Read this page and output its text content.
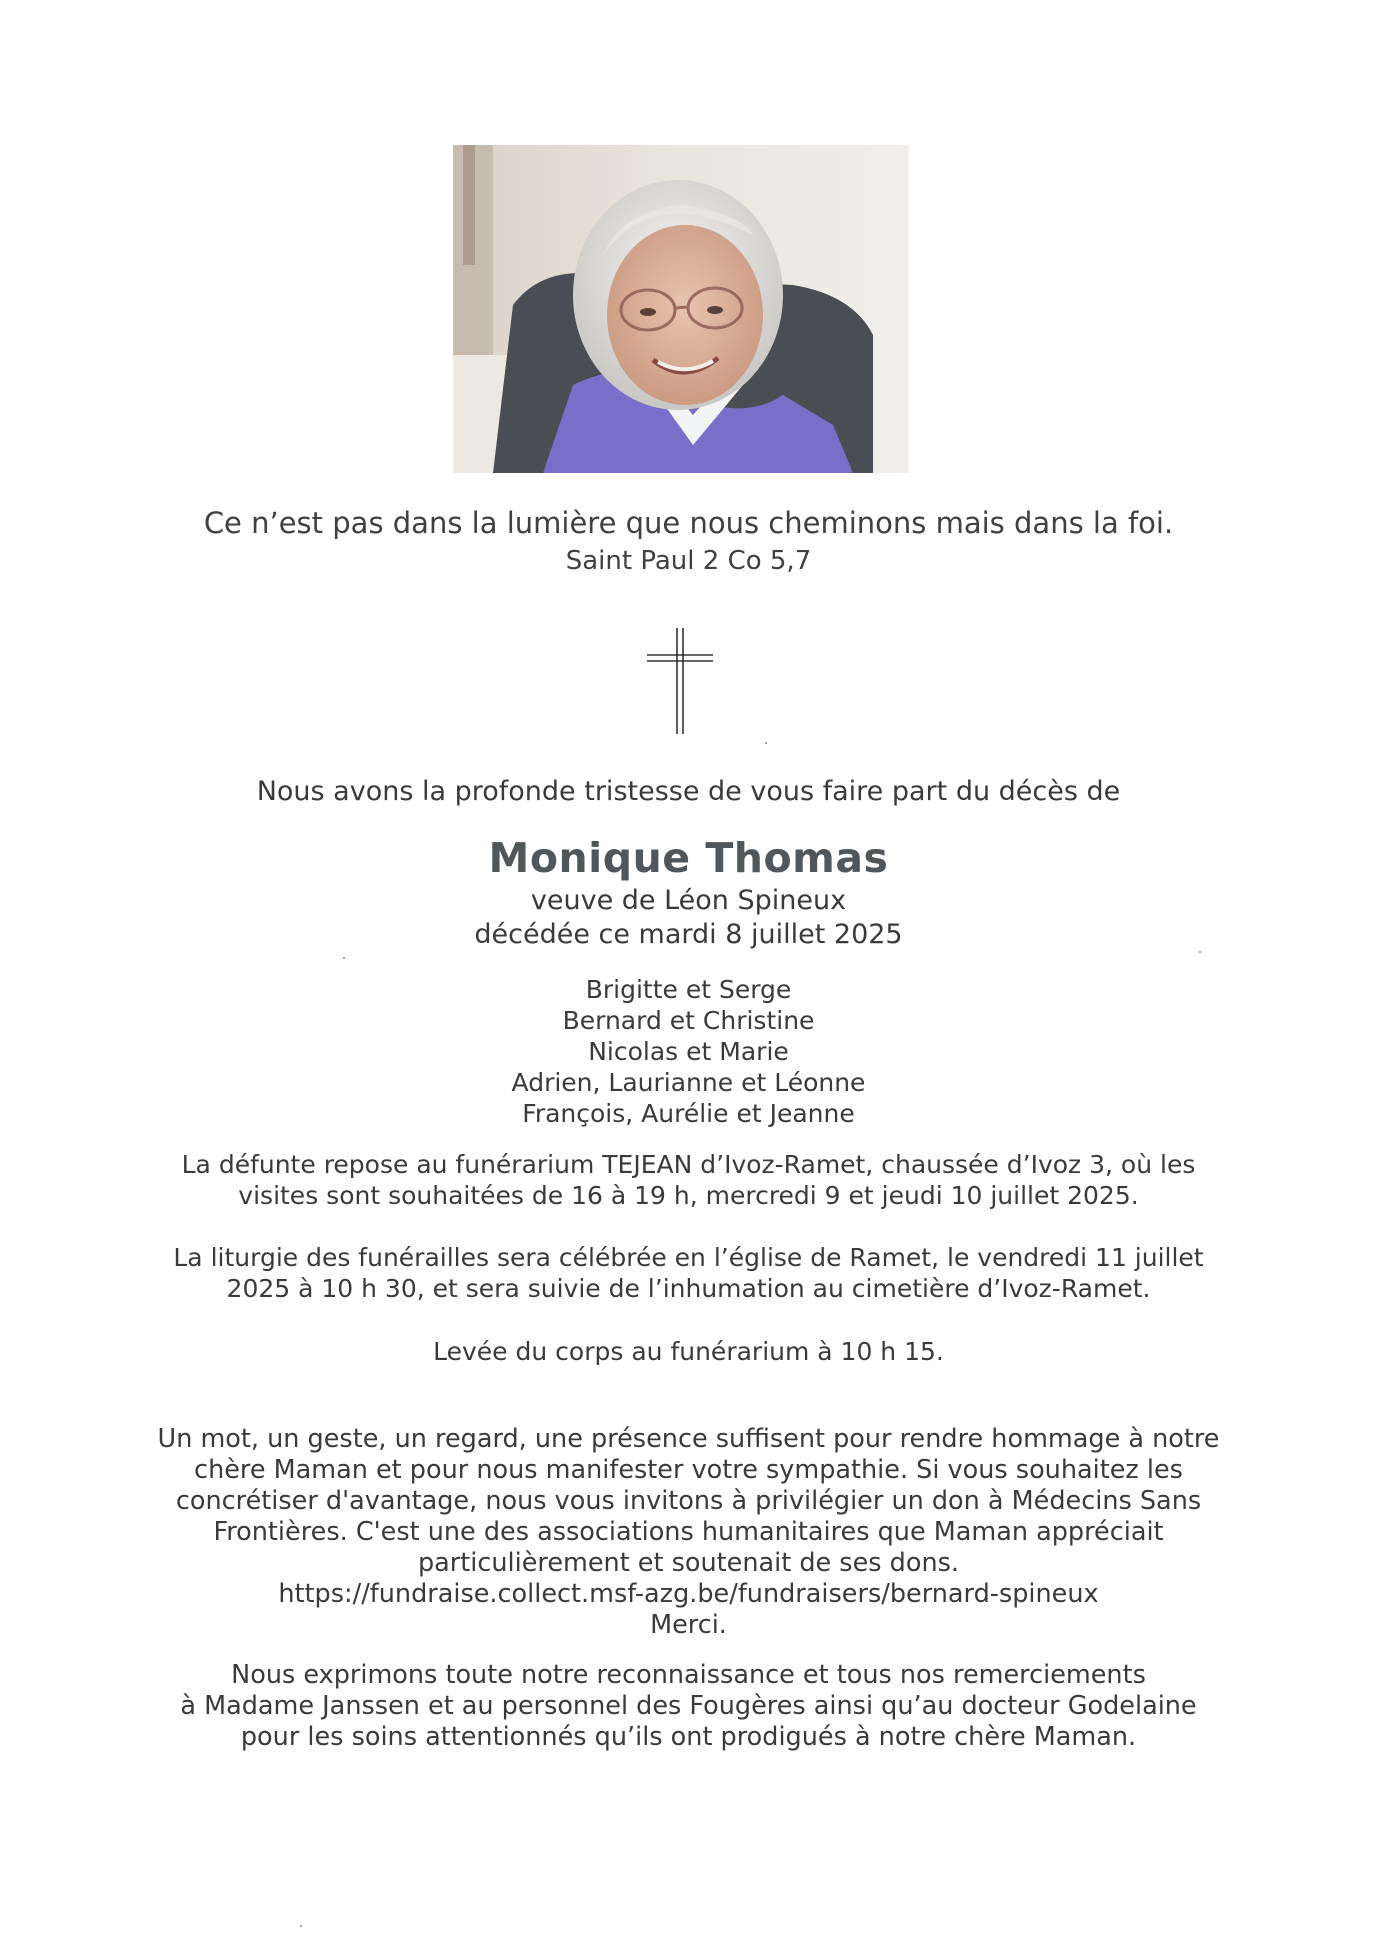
Ce n’est pas dans la lumière que nous cheminons mais dans la foi.
Saint Paul 2 Co 5,7
Nous avons la profonde tristesse de vous faire part du décès de
Monique Thomas
veuve de Léon Spineux
décédée ce mardi 8 juillet 2025
Brigitte et Serge
Bernard et Christine
Nicolas et Marie
Adrien, Laurianne et Léonne
François, Aurélie et Jeanne
La défunte repose au funérarium TEJEAN d’Ivoz-Ramet, chaussée d’Ivoz 3, où les
visites sont souhaitées de 16 à 19 h, mercredi 9 et jeudi 10 juillet 2025.
La liturgie des funérailles sera célébrée en l’église de Ramet, le vendredi 11 juillet
2025 à 10 h 30, et sera suivie de l’inhumation au cimetière d’Ivoz-Ramet.
Levée du corps au funérarium à 10 h 15.
Un mot, un geste, un regard, une présence suffisent pour rendre hommage à notre
chère Maman et pour nous manifester votre sympathie. Si vous souhaitez les
concrétiser d'avantage, nous vous invitons à privilégier un don à Médecins Sans
Frontières. C'est une des associations humanitaires que Maman appréciait
particulièrement et soutenait de ses dons.
https://fundraise.collect.msf-azg.be/fundraisers/bernard-spineux
Merci.
Nous exprimons toute notre reconnaissance et tous nos remerciements
à Madame Janssen et au personnel des Fougères ainsi qu’au docteur Godelaine
pour les soins attentionnés qu’ils ont prodigués à notre chère Maman.
